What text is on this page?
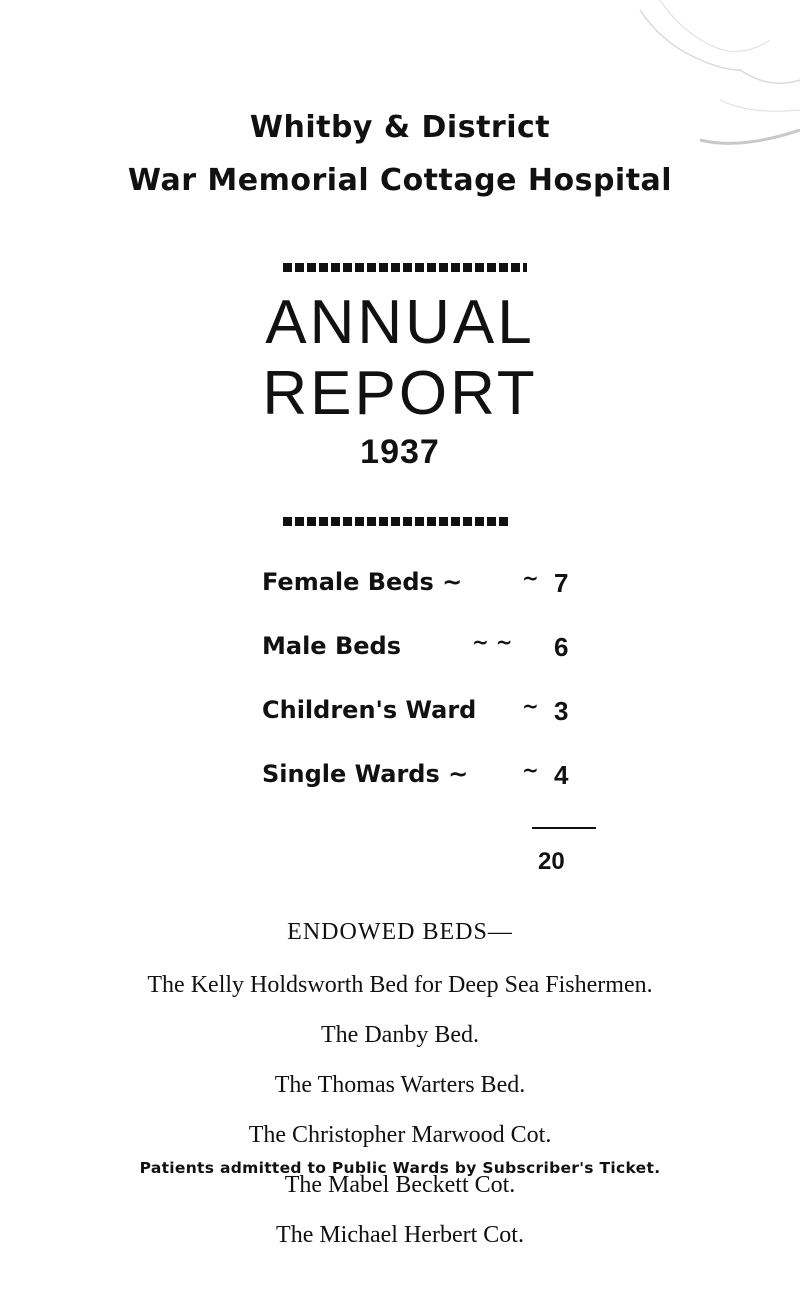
Whitby & District
War Memorial Cottage Hospital
ANNUAL
REPORT
1937
Female Beds ~	~ 7
Male Beds	~ ~ 6
Children's Ward ~ 3
Single Wards ~	~ 4
20
ENDOWED BEDS—
The Kelly Holdsworth Bed for Deep Sea Fishermen.
The Danby Bed.
The Thomas Warters Bed.
The Christopher Marwood Cot.
The Mabel Beckett Cot.
The Michael Herbert Cot.
Patients admitted to Public Wards by Subscriber's Ticket.
